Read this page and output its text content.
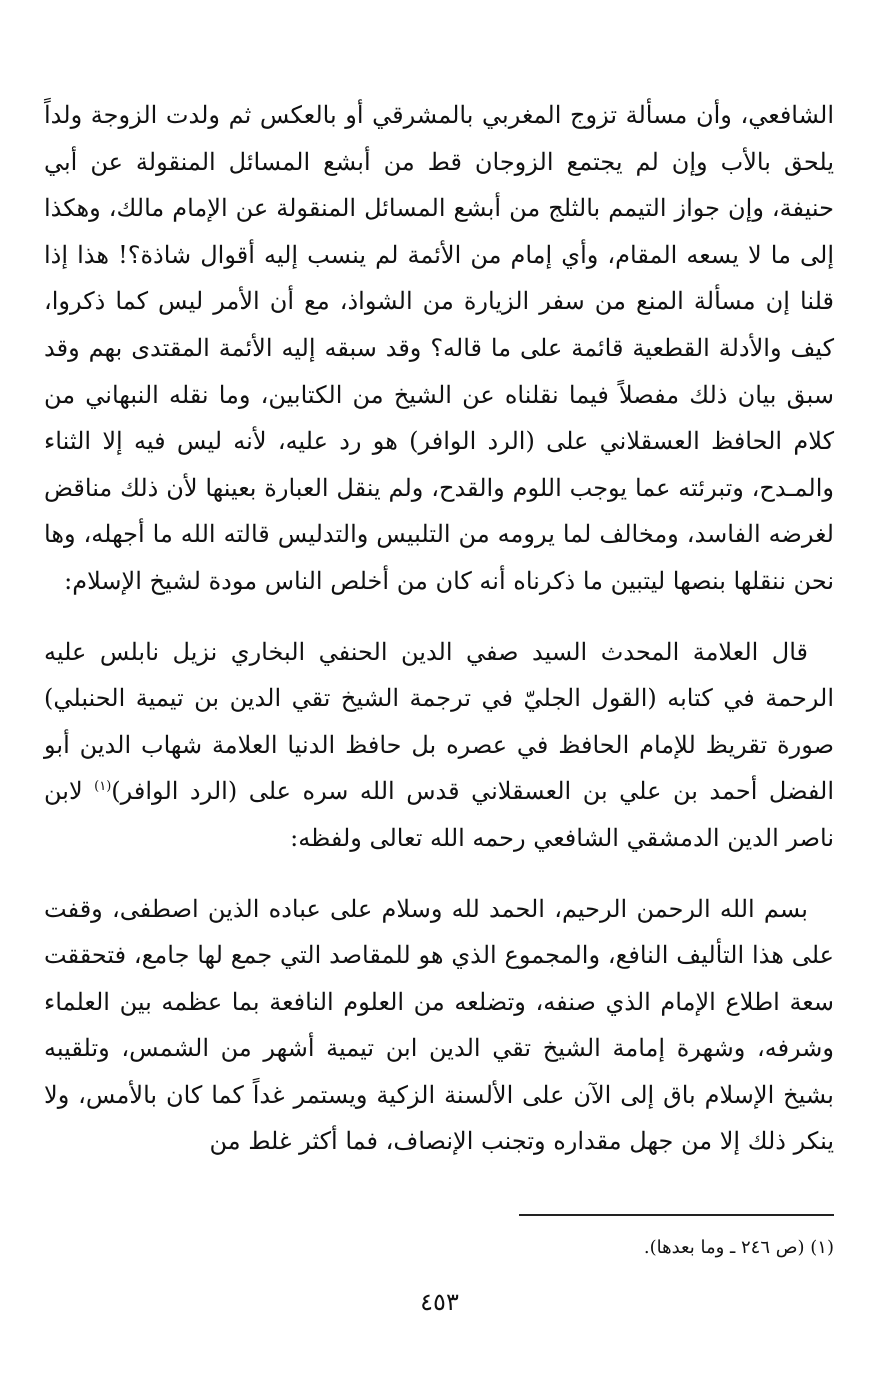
الشافعي، وأن مسألة تزوج المغربي بالمشرقي أو بالعكس ثم ولدت الزوجة ولداً يلحق بالأب وإن لم يجتمع الزوجان قط من أبشع المسائل المنقولة عن أبي حنيفة، وإن جواز التيمم بالثلج من أبشع المسائل المنقولة عن الإمام مالك، وهكذا إلى ما لا يسعه المقام، وأي إمام من الأئمة لم ينسب إليه أقوال شاذة؟! هذا إذا قلنا إن مسألة المنع من سفر الزيارة من الشواذ، مع أن الأمر ليس كما ذكروا، كيف والأدلة القطعية قائمة على ما قاله؟ وقد سبقه إليه الأئمة المقتدى بهم وقد سبق بيان ذلك مفصلاً فيما نقلناه عن الشيخ من الكتابين، وما نقله النبهاني من كلام الحافظ العسقلاني على (الرد الوافر) هو رد عليه، لأنه ليس فيه إلا الثناء والمـدح، وتبرئته عما يوجب اللوم والقدح، ولم ينقل العبارة بعينها لأن ذلك مناقض لغرضه الفاسد، ومخالف لما يرومه من التلبيس والتدليس قالته الله ما أجهله، وها نحن ننقلها بنصها ليتبين ما ذكرناه أنه كان من أخلص الناس مودة لشيخ الإسلام:

قال العلامة المحدث السيد صفي الدين الحنفي البخاري نزيل نابلس عليه الرحمة في كتابه (القول الجليّ في ترجمة الشيخ تقي الدين بن تيمية الحنبلي) صورة تقريظ للإمام الحافظ في عصره بل حافظ الدنيا العلامة شهاب الدين أبو الفضل أحمد بن علي بن العسقلاني قدس الله سره على (الرد الوافر)$^{(١)}$ لابن ناصر الدين الدمشقي الشافعي رحمه الله تعالى ولفظه:

بسم الله الرحمن الرحيم، الحمد لله وسلام على عباده الذين اصطفى، وقفت على هذا التأليف النافع، والمجموع الذي هو للمقاصد التي جمع لها جامع، فتحققت سعة اطلاع الإمام الذي صنفه، وتضلعه من العلوم النافعة بما عظمه بين العلماء وشرفه، وشهرة إمامة الشيخ تقي الدين ابن تيمية أشهر من الشمس، وتلقيبه بشيخ الإسلام باق إلى الآن على الألسنة الزكية ويستمر غداً كما كان بالأمس، ولا ينكر ذلك إلا من جهل مقداره وتجنب الإنصاف، فما أكثر غلط من

(١) (ص ٢٤٦ ـ وما بعدها).
٤٥٣
